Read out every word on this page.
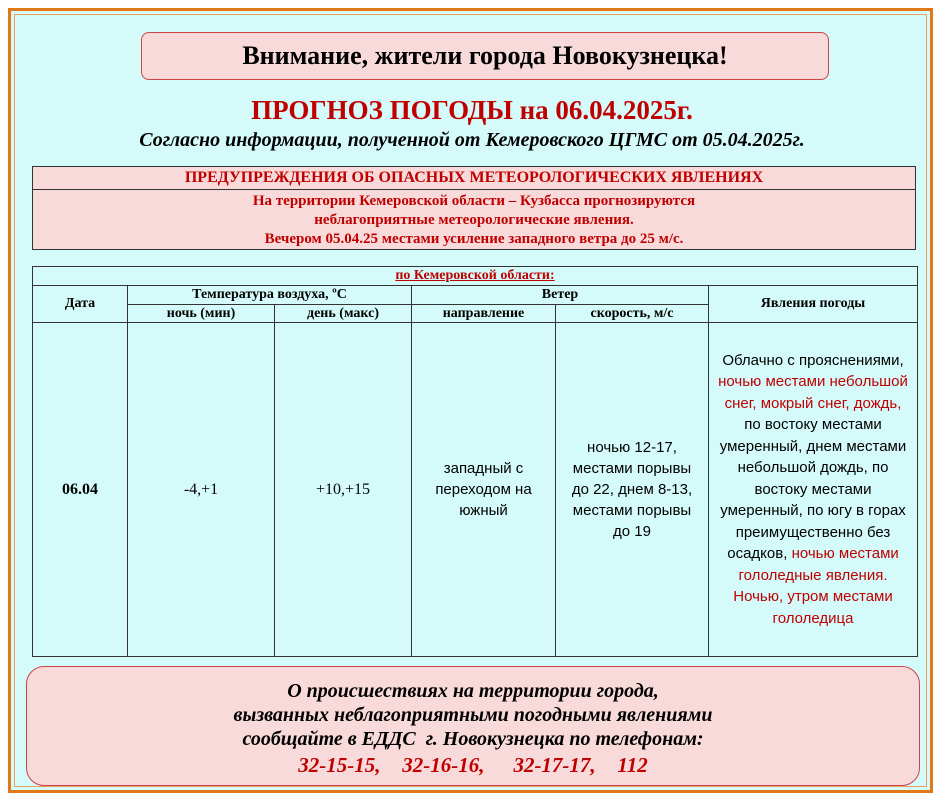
Внимание, жители города Новокузнецка!
ПРОГНОЗ ПОГОДЫ на 06.04.2025г.
Согласно информации, полученной от Кемеровского ЦГМС от 05.04.2025г.
ПРЕДУПРЕЖДЕНИЯ ОБ ОПАСНЫХ МЕТЕОРОЛОГИЧЕСКИХ ЯВЛЕНИЯХ
На территории Кемеровской области – Кузбасса прогнозируются
неблагоприятные метеорологические явления.
Вечером 05.04.25 местами усиление западного ветра до 25 м/с.
по Кемеровской области:					
Дата	Температура воздуха, ºС		Ветер		Явления погоды
	ночь (мин)	день (макс)	направление	скорость, м/с	
06.04	-4,+1	+10,+15	западный с переходом на южный	ночью 12-17, местами порывы до 22, днем 8-13, местами порывы до 19	Облачно с прояснениями, ночью местами небольшой снег, мокрый снег, дождь, по востоку местами умеренный, днем местами небольшой дождь, по востоку местами умеренный, по югу в горах преимущественно без осадков, ночью местами гололедные явления. Ночью, утром местами гололедица
О происшествиях на территории города,
вызванных неблагоприятными погодными явлениями
сообщайте в ЕДДС  г. Новокузнецка по телефонам:
32-15-15,   32-16-16,    32-17-17,   112
